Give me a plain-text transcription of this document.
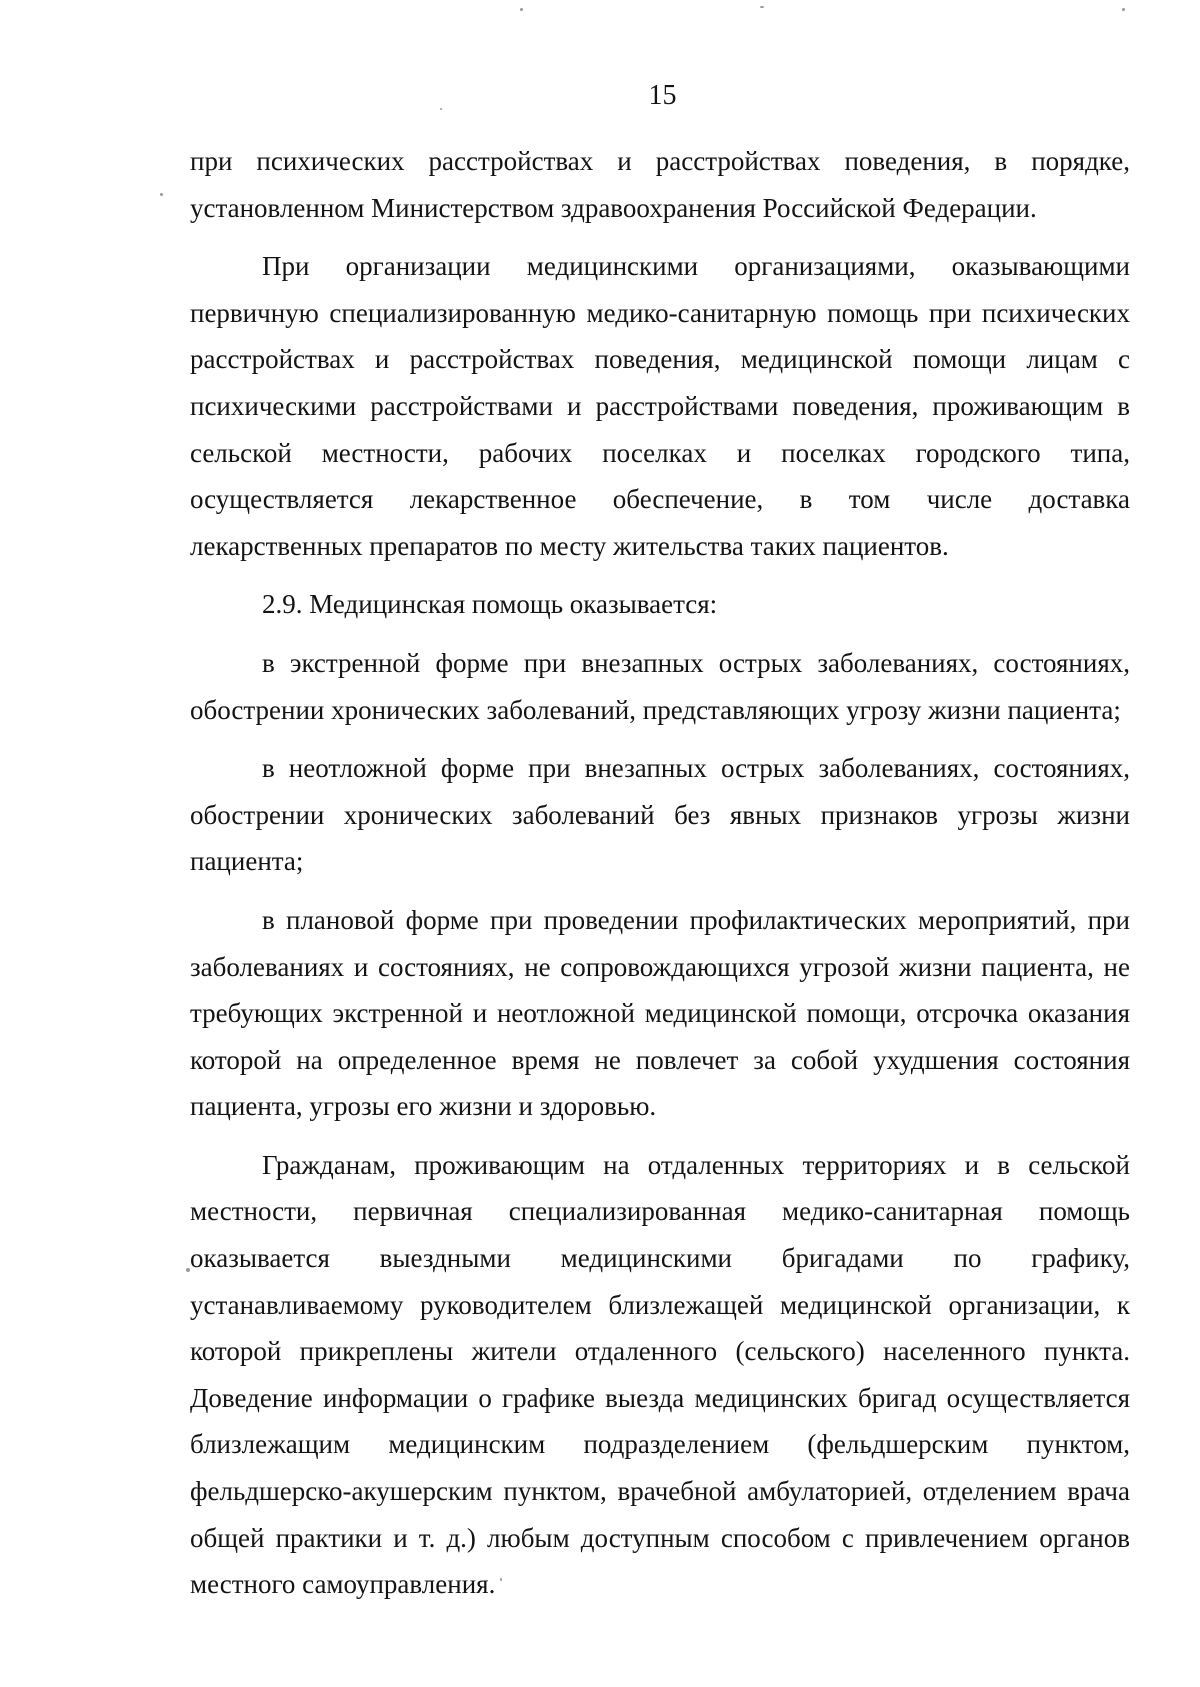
15

при психических расстройствах и расстройствах поведения, в порядке, установленном Министерством здравоохранения Российской Федерации.

При организации медицинскими организациями, оказывающими первичную специализированную медико-санитарную помощь при психических расстройствах и расстройствах поведения, медицинской помощи лицам с психическими расстройствами и расстройствами поведения, проживающим в сельской местности, рабочих поселках и поселках городского типа, осуществляется лекарственное обеспечение, в том числе доставка лекарственных препаратов по месту жительства таких пациентов.

2.9. Медицинская помощь оказывается:

в экстренной форме при внезапных острых заболеваниях, состояниях, обострении хронических заболеваний, представляющих угрозу жизни пациента;

в неотложной форме при внезапных острых заболеваниях, состояниях, обострении хронических заболеваний без явных признаков угрозы жизни пациента;

в плановой форме при проведении профилактических мероприятий, при заболеваниях и состояниях, не сопровождающихся угрозой жизни пациента, не требующих экстренной и неотложной медицинской помощи, отсрочка оказания которой на определенное время не повлечет за собой ухудшения состояния пациента, угрозы его жизни и здоровью.

Гражданам, проживающим на отдаленных территориях и в сельской местности, первичная специализированная медико-санитарная помощь оказывается выездными медицинскими бригадами по графику, устанавливаемому руководителем близлежащей медицинской организации, к которой прикреплены жители отдаленного (сельского) населенного пункта. Доведение информации о графике выезда медицинских бригад осуществляется близлежащим медицинским подразделением (фельдшерским пунктом, фельдшерско-акушерским пунктом, врачебной амбулаторией, отделением врача общей практики и т. д.) любым доступным способом с привлечением органов местного самоуправления.
